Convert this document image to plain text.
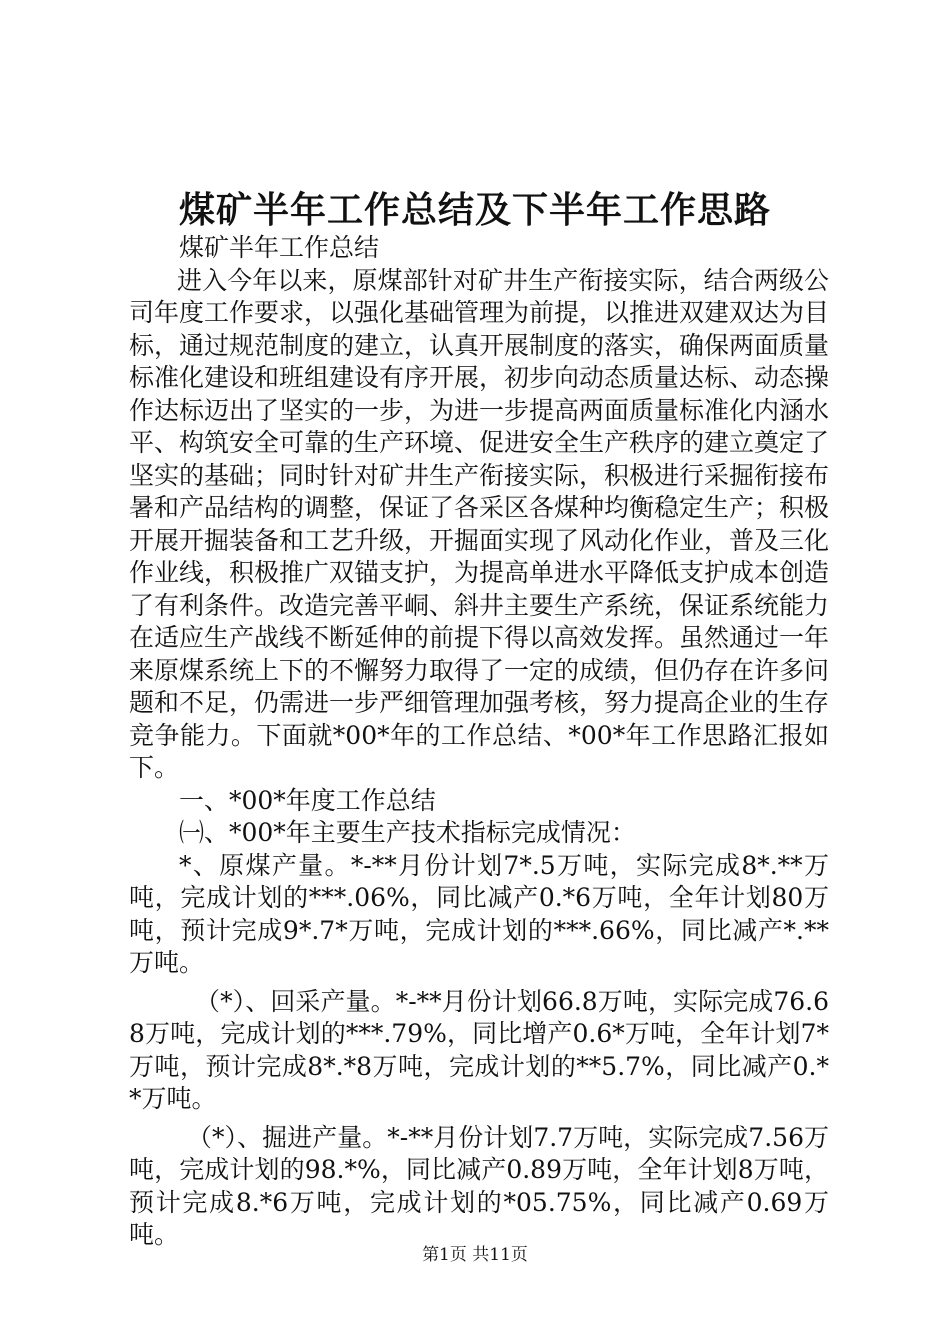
煤矿半年工作总结及下半年工作思路

煤矿半年工作总结

进入今年以来，原煤部针对矿井生产衔接实际，结合两级公司年度工作要求，以强化基础管理为前提，以推进双建双达为目标，通过规范制度的建立，认真开展制度的落实，确保两面质量标准化建设和班组建设有序开展，初步向动态质量达标、动态操作达标迈出了坚实的一步，为进一步提高两面质量标准化内涵水平、构筑安全可靠的生产环境、促进安全生产秩序的建立奠定了坚实的基础；同时针对矿井生产衔接实际，积极进行采掘衔接布暑和产品结构的调整，保证了各采区各煤种均衡稳定生产；积极开展开掘装备和工艺升级，开掘面实现了风动化作业，普及三化作业线，积极推广双锚支护，为提高单进水平降低支护成本创造了有利条件。改造完善平峒、斜井主要生产系统，保证系统能力在适应生产战线不断延伸的前提下得以高效发挥。虽然通过一年来原煤系统上下的不懈努力取得了一定的成绩，但仍存在许多问题和不足，仍需进一步严细管理加强考核，努力提高企业的生存竞争能力。下面就*00*年的工作总结、*00*年工作思路汇报如下。

一、*00*年度工作总结

㈠、*00*年主要生产技术指标完成情况：

*、原煤产量。*-**月份计划7*.5万吨，实际完成8*.**万吨，完成计划的***.06%，同比减产0.*6万吨，全年计划80万吨，预计完成9*.7*万吨，完成计划的***.66%，同比减产*.**万吨。

（*）、回采产量。*-**月份计划66.8万吨，实际完成76.68万吨，完成计划的***.79%，同比增产0.6*万吨，全年计划7*万吨，预计完成8*.*8万吨，完成计划的**5.7%，同比减产0.**万吨。

（*）、掘进产量。*-**月份计划7.7万吨，实际完成7.56万吨，完成计划的98.*%，同比减产0.89万吨，全年计划8万吨，预计完成8.*6万吨，完成计划的*05.75%，同比减产0.69万吨。

第1页 共11页
